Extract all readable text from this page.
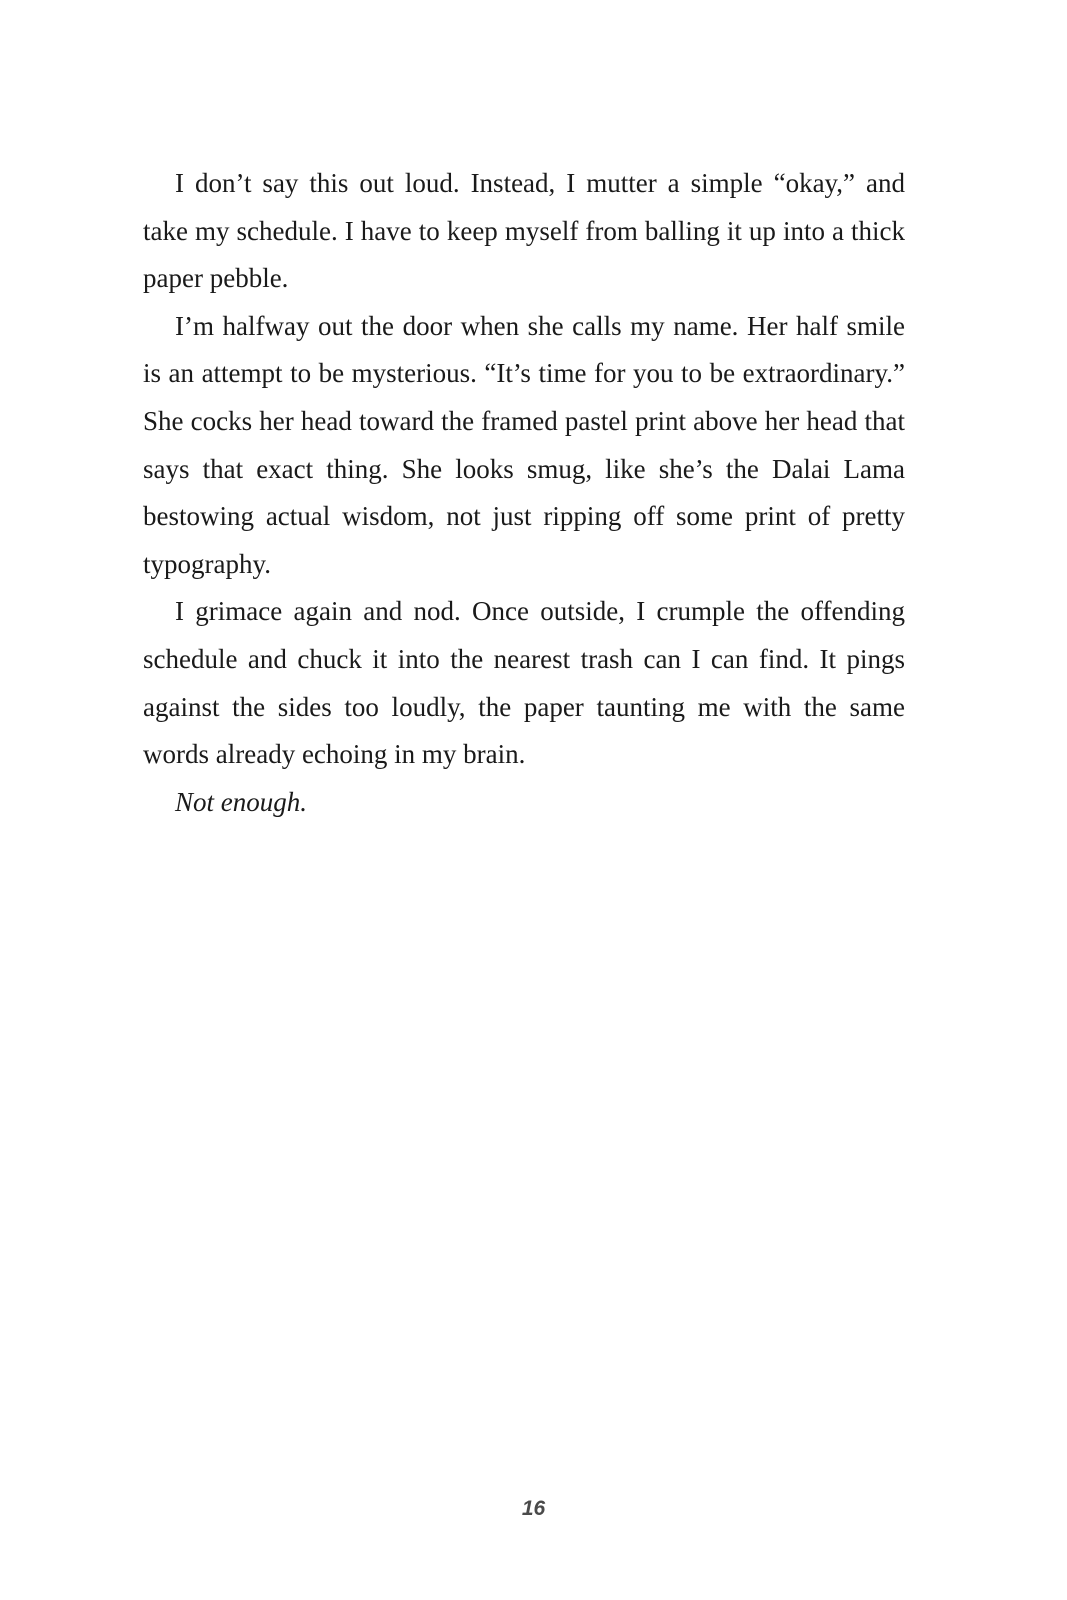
I don’t say this out loud. Instead, I mutter a simple “okay,” and take my schedule. I have to keep myself from balling it up into a thick paper pebble.

I’m halfway out the door when she calls my name. Her half smile is an attempt to be mysterious. “It’s time for you to be extraordinary.” She cocks her head toward the framed pastel print above her head that says that exact thing. She looks smug, like she’s the Dalai Lama bestowing actual wisdom, not just ripping off some print of pretty typography.

I grimace again and nod. Once outside, I crumple the offending schedule and chuck it into the nearest trash can I can find. It pings against the sides too loudly, the paper taunting me with the same words already echoing in my brain.

Not enough.

16
